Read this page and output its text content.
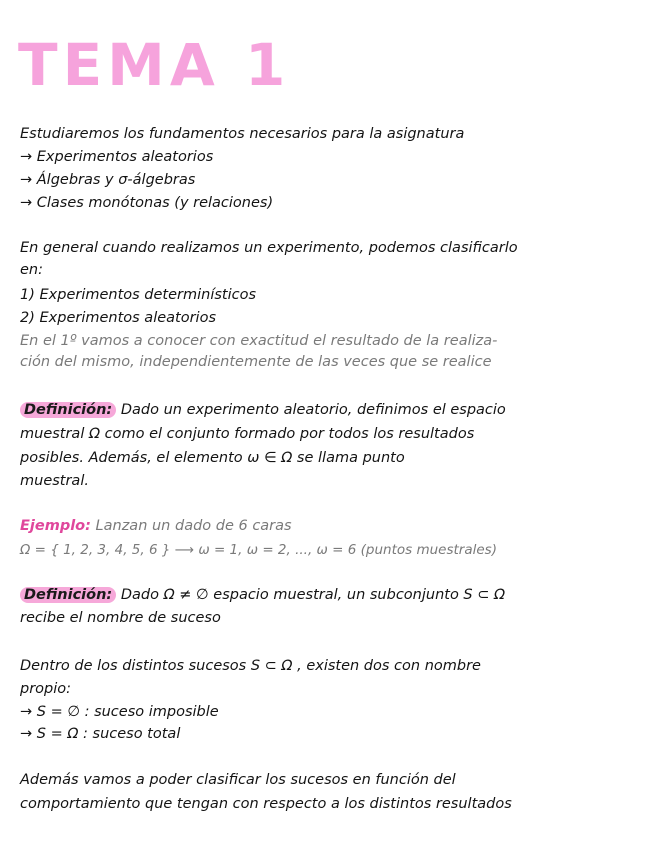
TEMA 1
Estudiaremos los fundamentos necesarios para la asignatura
→ Experimentos aleatorios
→ Álgebras y σ-álgebras
→ Clases monótonas (y relaciones)
En general cuando realizamos un experimento, podemos clasificarlo
en:
1) Experimentos determinísticos
2) Experimentos aleatorios
En el 1º vamos a conocer con exactitud el resultado de la realiza-
ción del mismo, independientemente de las veces que se realice
Definición: Dado un experimento aleatorio, definimos el espacio
muestral Ω como el conjunto formado por todos los resultados
posibles. Además, el elemento ω ∈ Ω se llama punto
muestral.
Ejemplo: Lanzan un dado de 6 caras
Ω = { 1, 2, 3, 4, 5, 6 } ⟶ ω = 1, ω = 2, ..., ω = 6 (puntos muestrales)
Definición: Dado Ω ≠ ∅ espacio muestral, un subconjunto S ⊂ Ω
recibe el nombre de suceso
Dentro de los distintos sucesos S ⊂ Ω , existen dos con nombre
propio:
→ S = ∅ : suceso imposible
→ S = Ω : suceso total
Además vamos a poder clasificar los sucesos en función del
comportamiento que tengan con respecto a los distintos resultados
